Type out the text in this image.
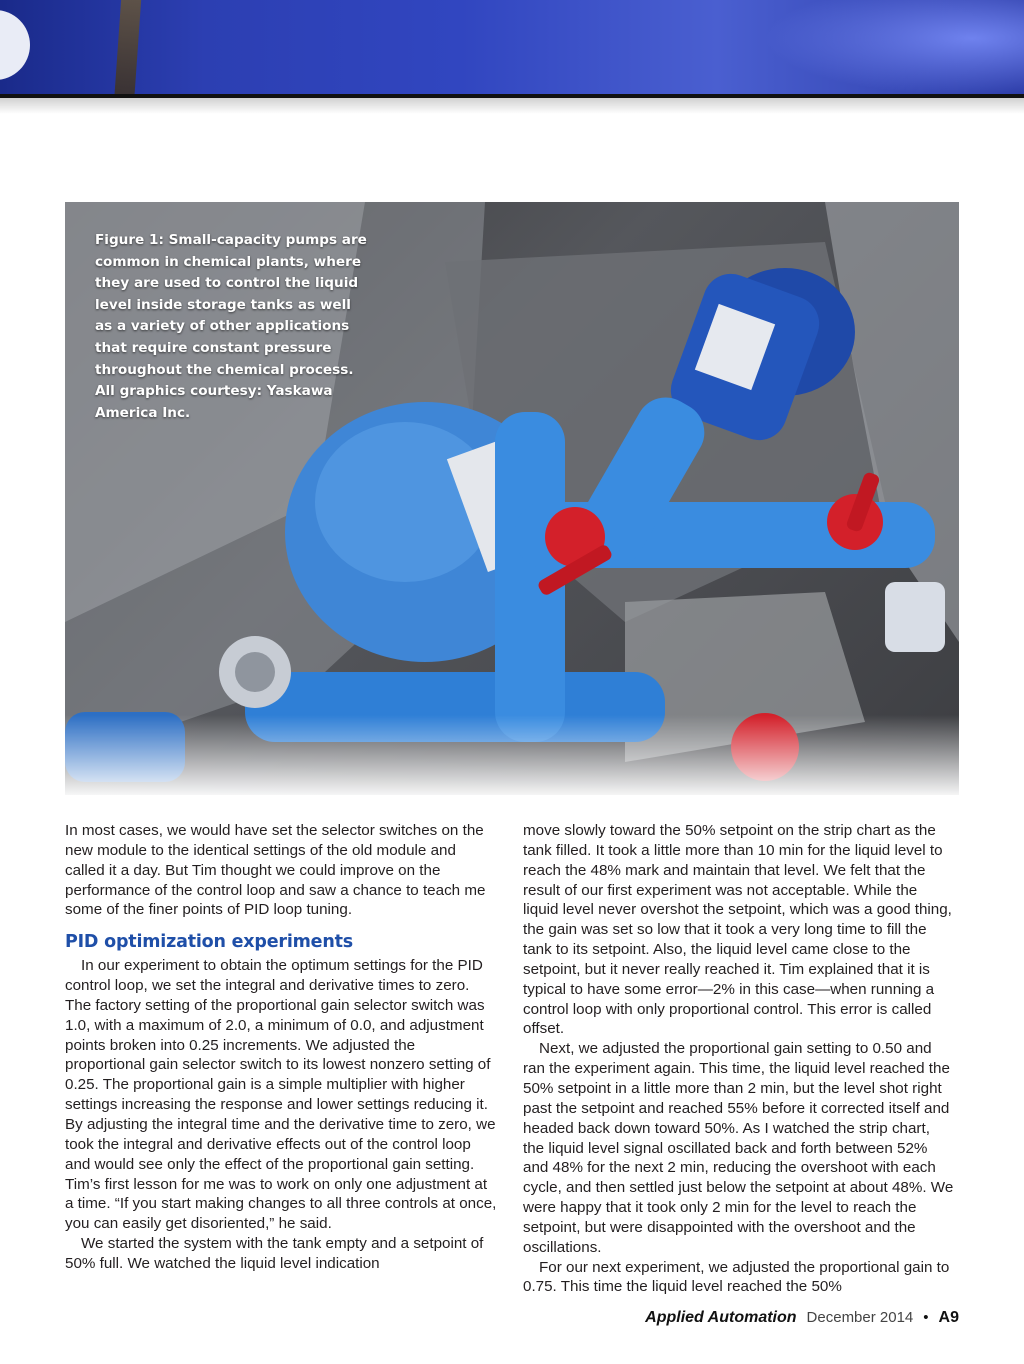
Figure 1: Small-capacity pumps are common in chemical plants, where they are used to control the liquid level inside storage tanks as well as a variety of other applications that require constant pressure throughout the chemical process. All graphics courtesy: Yaskawa America Inc.

In most cases, we would have set the selector switches on the new module to the identical settings of the old module and called it a day. But Tim thought we could improve on the performance of the control loop and saw a chance to teach me some of the finer points of PID loop tuning.

PID optimization experiments

In our experiment to obtain the optimum settings for the PID control loop, we set the integral and derivative times to zero. The factory setting of the proportional gain selector switch was 1.0, with a maximum of 2.0, a minimum of 0.0, and adjustment points broken into 0.25 increments. We adjusted the proportional gain selector switch to its lowest nonzero setting of 0.25. The proportional gain is a simple multiplier with higher settings increasing the response and lower settings reducing it. By adjusting the integral time and the derivative time to zero, we took the integral and derivative effects out of the control loop and would see only the effect of the proportional gain setting. Tim’s first lesson for me was to work on only one adjustment at a time. “If you start making changes to all three controls at once, you can easily get disoriented,” he said.

We started the system with the tank empty and a setpoint of 50% full. We watched the liquid level indication

move slowly toward the 50% setpoint on the strip chart as the tank filled. It took a little more than 10 min for the liquid level to reach the 48% mark and maintain that level. We felt that the result of our first experiment was not acceptable. While the liquid level never overshot the setpoint, which was a good thing, the gain was set so low that it took a very long time to fill the tank to its setpoint. Also, the liquid level came close to the setpoint, but it never really reached it. Tim explained that it is typical to have some error—2% in this case—when running a control loop with only proportional control. This error is called offset.

Next, we adjusted the proportional gain setting to 0.50 and ran the experiment again. This time, the liquid level reached the 50% setpoint in a little more than 2 min, but the level shot right past the setpoint and reached 55% before it corrected itself and headed back down toward 50%. As I watched the strip chart, the liquid level signal oscillated back and forth between 52% and 48% for the next 2 min, reducing the overshoot with each cycle, and then settled just below the setpoint at about 48%. We were happy that it took only 2 min for the level to reach the setpoint, but were disappointed with the overshoot and the oscillations.

For our next experiment, we adjusted the proportional gain to 0.75. This time the liquid level reached the 50%

Applied Automation December 2014 • A9
